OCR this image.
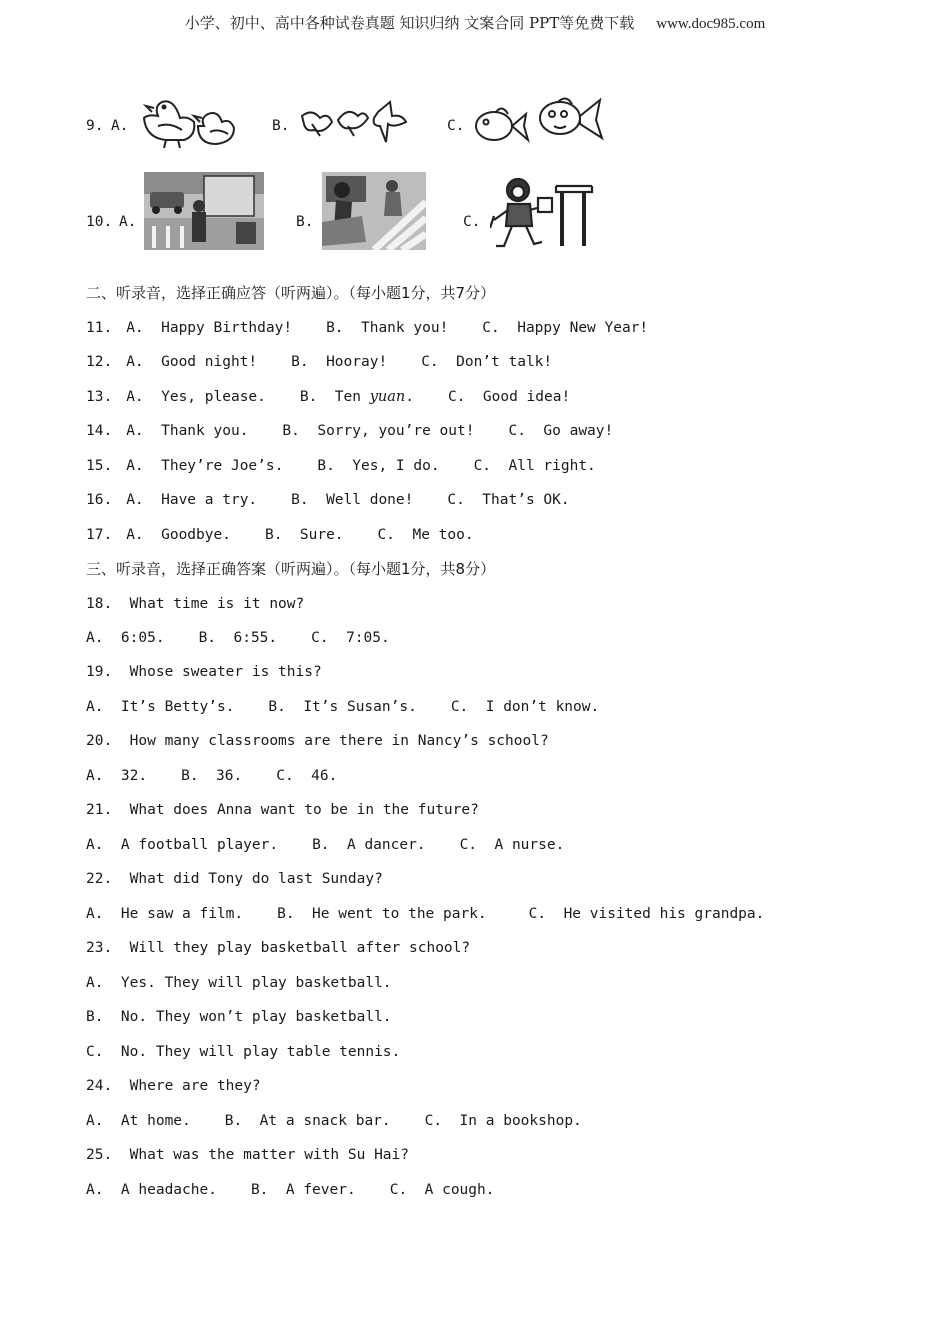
小学、初中、高中各种试卷真题 知识归纳 文案合同 PPT等免费下载 www.doc985.com
9. A.	B.	C.
10. A.	B.	C.
二、听录音，选择正确应答（听两遍）。（每小题1分，共7分）
11. A.  Happy Birthday! B.  Thank you! C.  Happy New Year!
12. A.  Good night! B.  Hooray! C.  Don’t talk!
13. A.  Yes, please. B.  Ten yuan. C.  Good idea!
14. A.  Thank you. B.  Sorry, you’re out! C.  Go away!
15. A.  They’re Joe’s. B.  Yes, I do. C.  All right.
16. A.  Have a try. B.  Well done! C.  That’s OK.
17. A.  Goodbye. B.  Sure. C.  Me too.
三、听录音，选择正确答案（听两遍）。（每小题1分，共8分）
18.  What time is it now?
A.  6:05. B.  6:55. C.  7:05.
19.  Whose sweater is this?
A.  It’s Betty’s. B.  It’s Susan’s. C.  I don’t know.
20.  How many classrooms are there in Nancy’s school?
A.  32. B.  36. C.  46.
21.  What does Anna want to be in the future?
A.  A football player. B.  A dancer. C.  A nurse.
22.  What did Tony do last Sunday?
A.  He saw a film. B.  He went to the park.	C.  He visited his grandpa.
23.  Will they play basketball after school?
A.  Yes. They will play basketball.
B.  No. They won’t play basketball.
C.  No. They will play table tennis.
24.  Where are they?
A.  At home. B.  At a snack bar. C.  In a bookshop.
25.  What was the matter with Su Hai?
A.  A headache. B.  A fever. C.  A cough.
